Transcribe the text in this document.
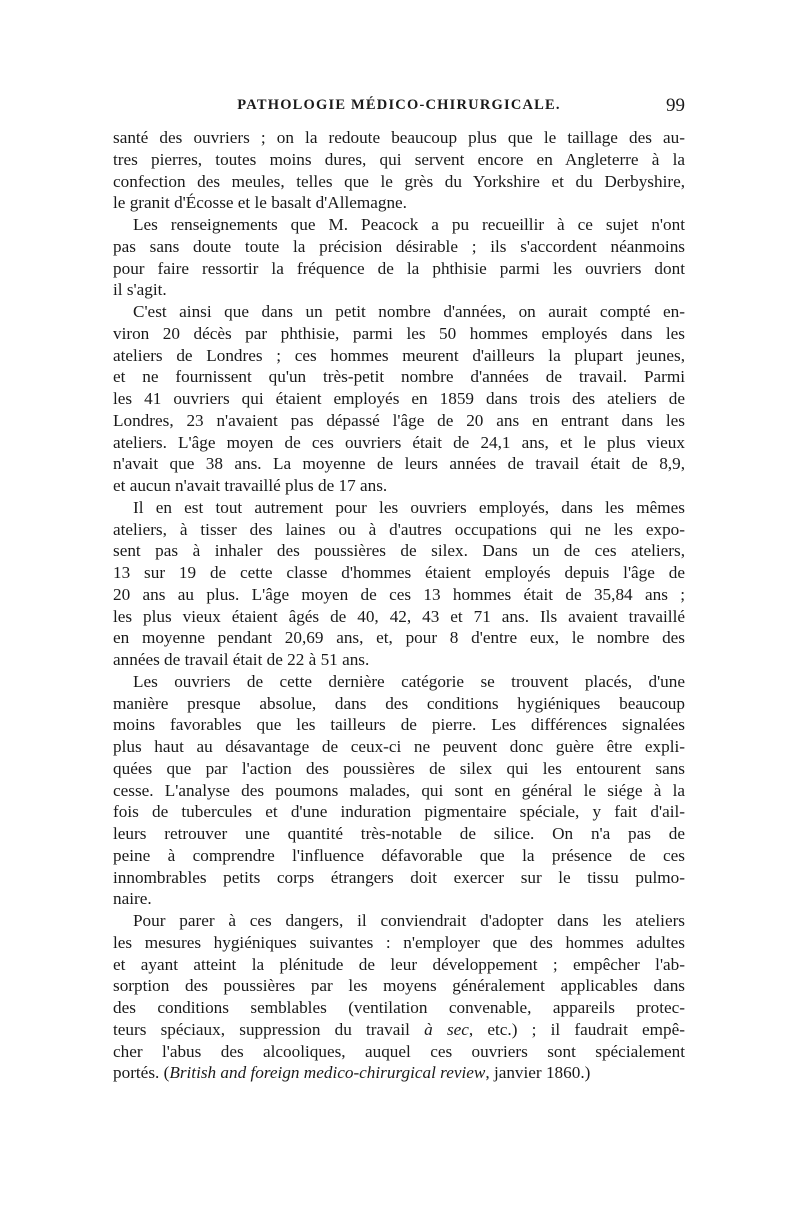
PATHOLOGIE MÉDICO-CHIRURGICALE.	99
santé des ouvriers ; on la redoute beaucoup plus que le taillage des au-
tres pierres, toutes moins dures, qui servent encore en Angleterre à la
confection des meules, telles que le grès du Yorkshire et du Derbyshire,
le granit d'Écosse et le basalt d'Allemagne.
Les renseignements que M. Peacock a pu recueillir à ce sujet n'ont
pas sans doute toute la précision désirable ; ils s'accordent néanmoins
pour faire ressortir la fréquence de la phthisie parmi les ouvriers dont
il s'agit.
C'est ainsi que dans un petit nombre d'années, on aurait compté en-
viron 20 décès par phthisie, parmi les 50 hommes employés dans les
ateliers de Londres ; ces hommes meurent d'ailleurs la plupart jeunes,
et ne fournissent qu'un très-petit nombre d'années de travail. Parmi
les 41 ouvriers qui étaient employés en 1859 dans trois des ateliers de
Londres, 23 n'avaient pas dépassé l'âge de 20 ans en entrant dans les
ateliers. L'âge moyen de ces ouvriers était de 24,1 ans, et le plus vieux
n'avait que 38 ans. La moyenne de leurs années de travail était de 8,9,
et aucun n'avait travaillé plus de 17 ans.
Il en est tout autrement pour les ouvriers employés, dans les mêmes
ateliers, à tisser des laines ou à d'autres occupations qui ne les expo-
sent pas à inhaler des poussières de silex. Dans un de ces ateliers,
13 sur 19 de cette classe d'hommes étaient employés depuis l'âge de
20 ans au plus. L'âge moyen de ces 13 hommes était de 35,84 ans ;
les plus vieux étaient âgés de 40, 42, 43 et 71 ans. Ils avaient travaillé
en moyenne pendant 20,69 ans, et, pour 8 d'entre eux, le nombre des
années de travail était de 22 à 51 ans.
Les ouvriers de cette dernière catégorie se trouvent placés, d'une
manière presque absolue, dans des conditions hygiéniques beaucoup
moins favorables que les tailleurs de pierre. Les différences signalées
plus haut au désavantage de ceux-ci ne peuvent donc guère être expli-
quées que par l'action des poussières de silex qui les entourent sans
cesse. L'analyse des poumons malades, qui sont en général le siége à la
fois de tubercules et d'une induration pigmentaire spéciale, y fait d'ail-
leurs retrouver une quantité très-notable de silice. On n'a pas de
peine à comprendre l'influence défavorable que la présence de ces
innombrables petits corps étrangers doit exercer sur le tissu pulmo-
naire.
Pour parer à ces dangers, il conviendrait d'adopter dans les ateliers
les mesures hygiéniques suivantes : n'employer que des hommes adultes
et ayant atteint la plénitude de leur développement ; empêcher l'ab-
sorption des poussières par les moyens généralement applicables dans
des conditions semblables (ventilation convenable, appareils protec-
teurs spéciaux, suppression du travail à sec, etc.) ; il faudrait empê-
cher l'abus des alcooliques, auquel ces ouvriers sont spécialement
portés. (British and foreign medico-chirurgical review, janvier 1860.)
